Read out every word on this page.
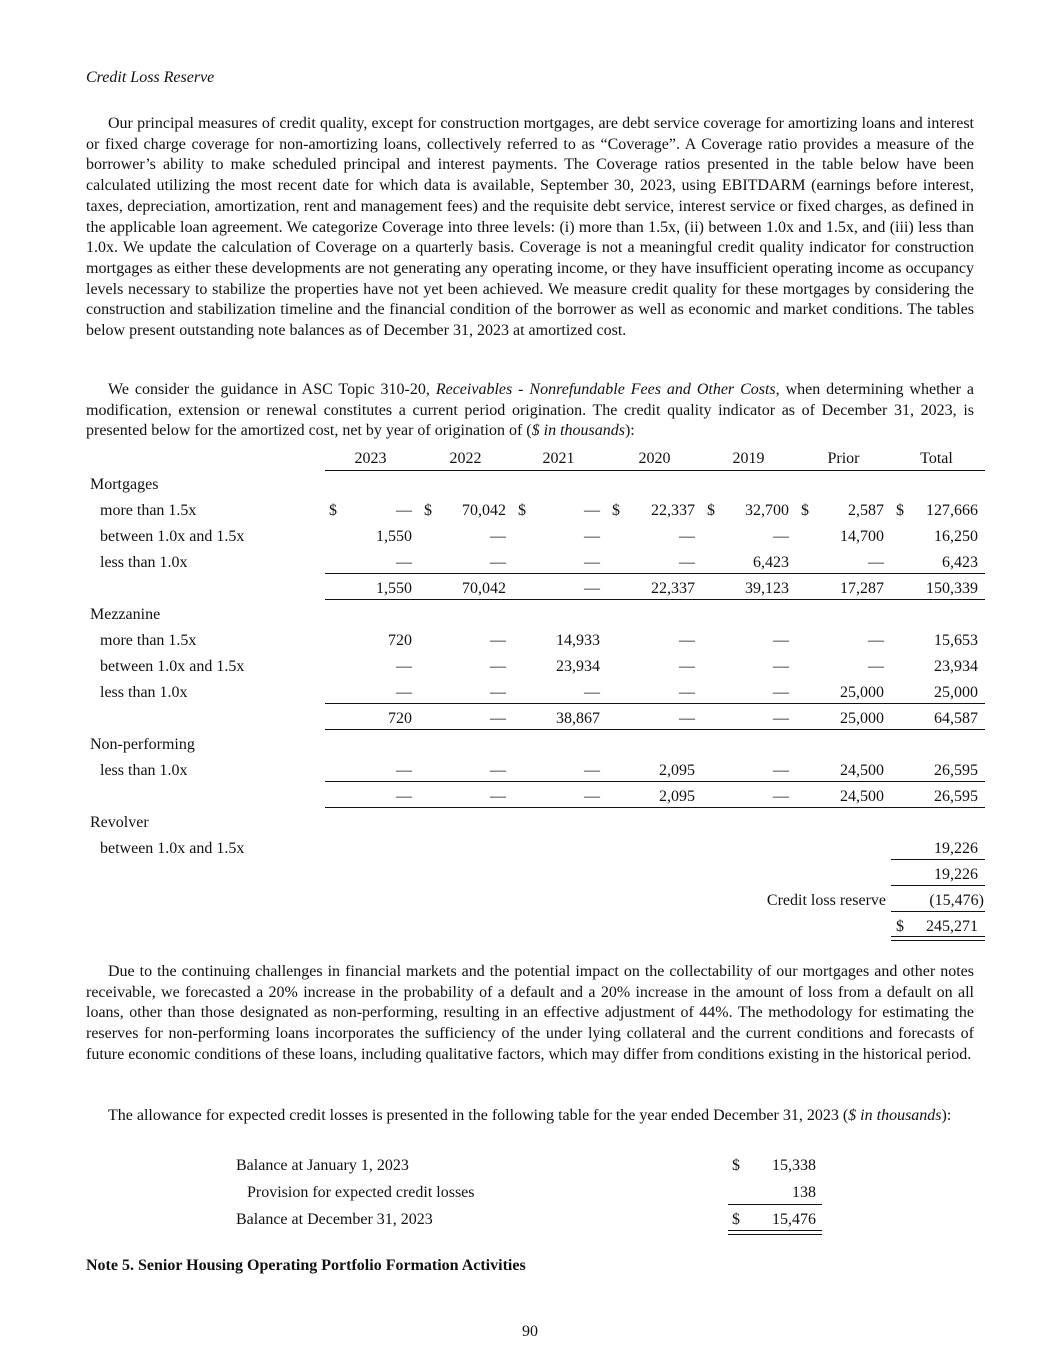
Credit Loss Reserve

Our principal measures of credit quality, except for construction mortgages, are debt service coverage for amortizing loans and interest or fixed charge coverage for non-amortizing loans, collectively referred to as “Coverage”. A Coverage ratio provides a measure of the borrower’s ability to make scheduled principal and interest payments. The Coverage ratios presented in the table below have been calculated utilizing the most recent date for which data is available, September 30, 2023, using EBITDARM (earnings before interest, taxes, depreciation, amortization, rent and management fees) and the requisite debt service, interest service or fixed charges, as defined in the applicable loan agreement. We categorize Coverage into three levels: (i) more than 1.5x, (ii) between 1.0x and 1.5x, and (iii) less than 1.0x. We update the calculation of Coverage on a quarterly basis. Coverage is not a meaningful credit quality indicator for construction mortgages as either these developments are not generating any operating income, or they have insufficient operating income as occupancy levels necessary to stabilize the properties have not yet been achieved. We measure credit quality for these mortgages by considering the construction and stabilization timeline and the financial condition of the borrower as well as economic and market conditions. The tables below present outstanding note balances as of December 31, 2023 at amortized cost.

We consider the guidance in ASC Topic 310-20, Receivables - Nonrefundable Fees and Other Costs, when determining whether a modification, extension or renewal constitutes a current period origination. The credit quality indicator as of December 31, 2023, is presented below for the amortized cost, net by year of origination of ($ in thousands):

2023	2022	2021	2020	2019	Prior	Total
Mortgages
more than 1.5x	$	— $ 70,042 $	— $ 22,337 $ 32,700 $ 2,587 $ 127,666
between 1.0x and 1.5x	1,550	—	—	—	—	14,700	16,250
less than 1.0x	—	—	—	—	6,423	—	6,423
1,550	70,042	—	22,337	39,123	17,287	150,339
Mezzanine
more than 1.5x	720	—	14,933	—	—	—	15,653
between 1.0x and 1.5x	—	—	23,934	—	—	—	23,934
less than 1.0x	—	—	—	—	—	25,000	25,000
720	—	38,867	—	—	25,000	64,587
Non-performing
less than 1.0x	—	—	—	2,095	—	24,500	26,595
—	—	—	2,095	—	24,500	26,595
Revolver
between 1.0x and 1.5x	19,226
19,226
Credit loss reserve	(15,476)
$ 245,271

Due to the continuing challenges in financial markets and the potential impact on the collectability of our mortgages and other notes receivable, we forecasted a 20% increase in the probability of a default and a 20% increase in the amount of loss from a default on all loans, other than those designated as non-performing, resulting in an effective adjustment of 44%. The methodology for estimating the reserves for non-performing loans incorporates the sufficiency of the under lying collateral and the current conditions and forecasts of future economic conditions of these loans, including qualitative factors, which may differ from conditions existing in the historical period.

The allowance for expected credit losses is presented in the following table for the year ended December 31, 2023 ($ in thousands):

Balance at January 1, 2023	$ 15,338
Provision for expected credit losses	138
Balance at December 31, 2023	$ 15,476
Note 5. Senior Housing Operating Portfolio Formation Activities
90
